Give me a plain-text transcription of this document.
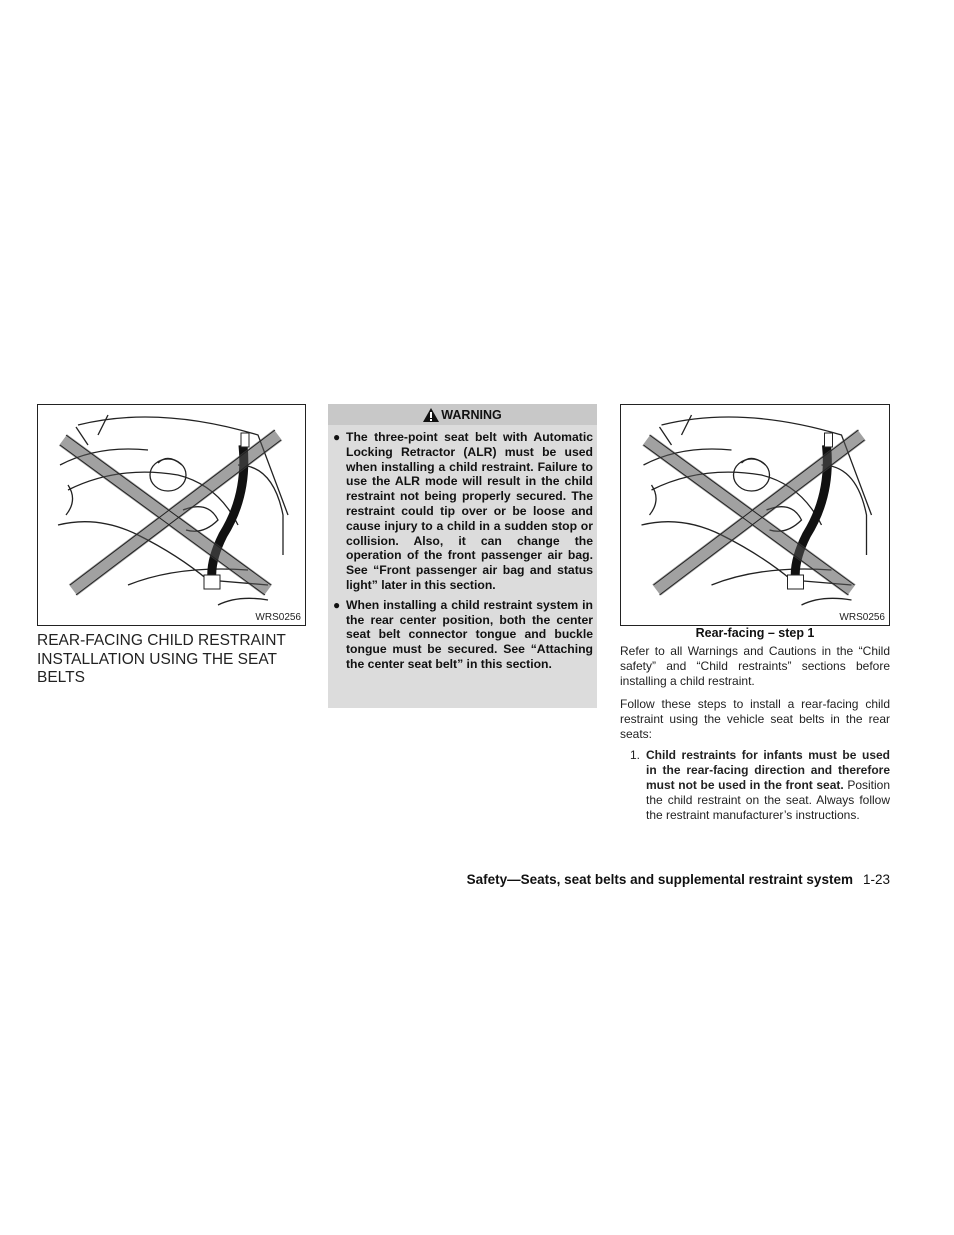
WRS0256
REAR-FACING CHILD RESTRAINT INSTALLATION USING THE SEAT BELTS
WARNING
● The three-point seat belt with Automatic Locking Retractor (ALR) must be used when installing a child restraint. Failure to use the ALR mode will result in the child restraint not being properly secured. The restraint could tip over or be loose and cause injury to a child in a sudden stop or collision. Also, it can change the operation of the front passenger air bag. See “Front passenger air bag and status light” later in this section.
● When installing a child restraint system in the rear center position, both the center seat belt connector tongue and buckle tongue must be secured. See “Attaching the center seat belt” in this section.
WRS0256
Rear-facing – step 1

Refer to all Warnings and Cautions in the “Child safety” and “Child restraints” sections before installing a child restraint.

Follow these steps to install a rear-facing child restraint using the vehicle seat belts in the rear seats:

1. Child restraints for infants must be used in the rear-facing direction and therefore must not be used in the front seat. Position the child restraint on the seat. Always follow the restraint manufacturer’s instructions.
Safety—Seats, seat belts and supplemental restraint system 1-23
